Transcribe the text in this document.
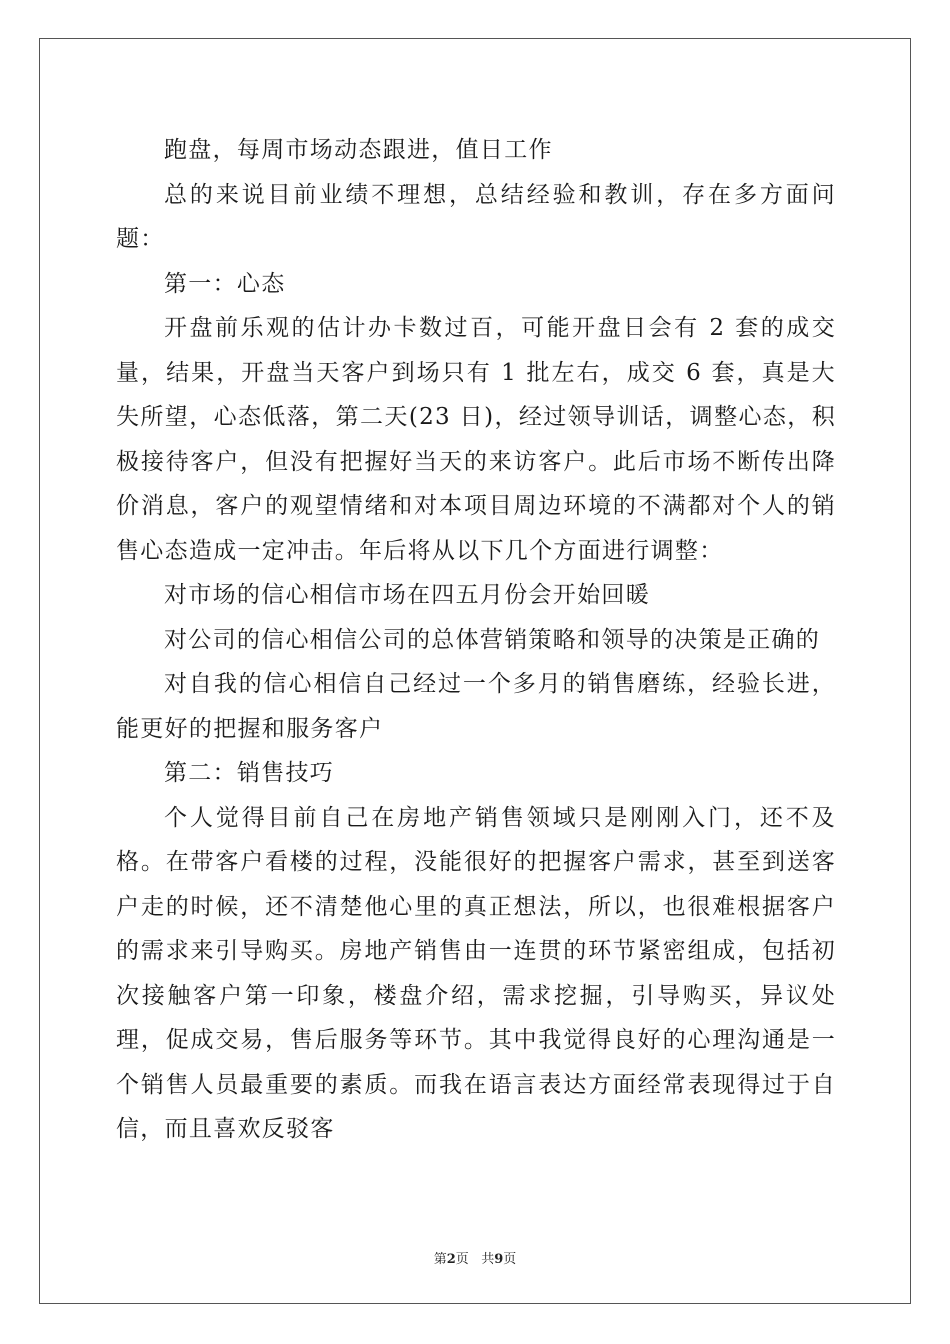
跑盘，每周市场动态跟进，值日工作

总的来说目前业绩不理想，总结经验和教训，存在多方面问题：

第一：心态

开盘前乐观的估计办卡数过百，可能开盘日会有 2 套的成交量，结果，开盘当天客户到场只有 1 批左右，成交 6 套，真是大失所望，心态低落，第二天(23 日)，经过领导训话，调整心态，积极接待客户，但没有把握好当天的来访客户。此后市场不断传出降价消息，客户的观望情绪和对本项目周边环境的不满都对个人的销售心态造成一定冲击。年后将从以下几个方面进行调整：

对市场的信心相信市场在四五月份会开始回暖

对公司的信心相信公司的总体营销策略和领导的决策是正确的

对自我的信心相信自己经过一个多月的销售磨练，经验长进，能更好的把握和服务客户

第二：销售技巧

个人觉得目前自己在房地产销售领域只是刚刚入门，还不及格。在带客户看楼的过程，没能很好的把握客户需求，甚至到送客户走的时候，还不清楚他心里的真正想法，所以，也很难根据客户的需求来引导购买。房地产销售由一连贯的环节紧密组成，包括初次接触客户第一印象，楼盘介绍，需求挖掘，引导购买，异议处理，促成交易，售后服务等环节。其中我觉得良好的心理沟通是一个销售人员最重要的素质。而我在语言表达方面经常表现得过于自信，而且喜欢反驳客

第2页   共9页
